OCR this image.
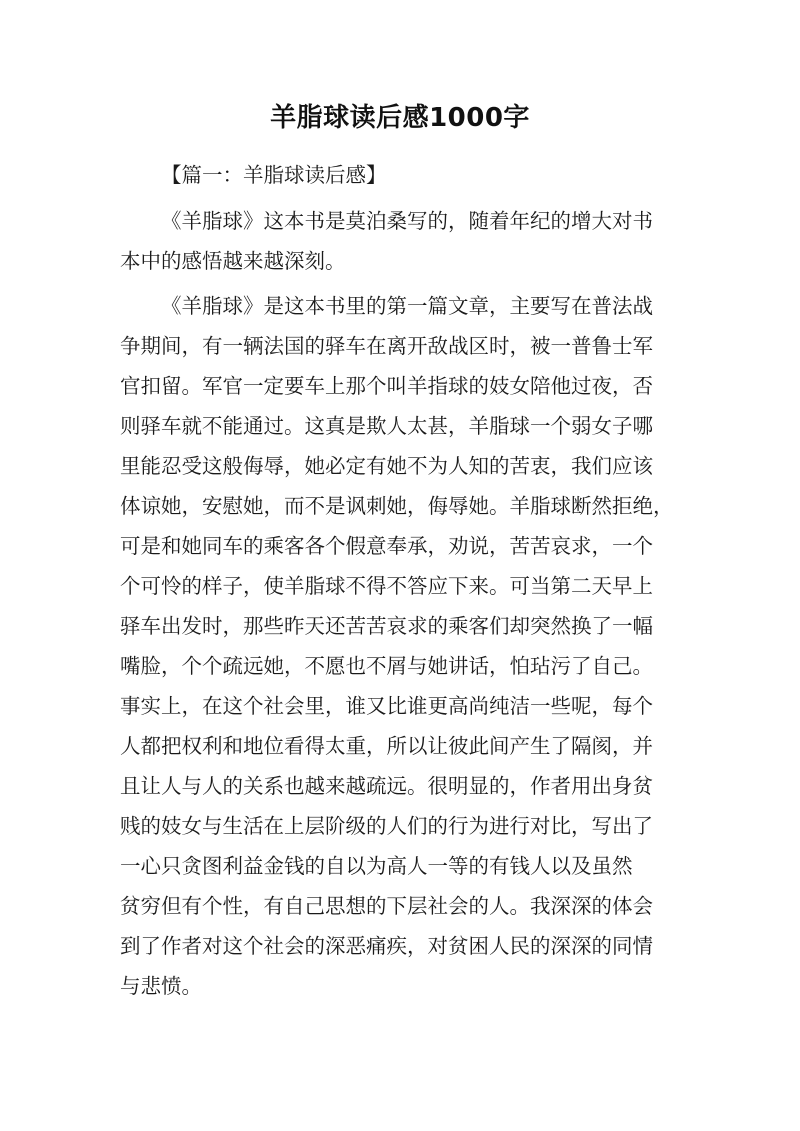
羊脂球读后感1000字

【篇一：羊脂球读后感】

《羊脂球》这本书是莫泊桑写的，随着年纪的增大对书

本中的感悟越来越深刻。

《羊脂球》是这本书里的第一篇文章，主要写在普法战

争期间，有一辆法国的驿车在离开敌战区时，被一普鲁士军

官扣留。军官一定要车上那个叫羊指球的妓女陪他过夜，否

则驿车就不能通过。这真是欺人太甚，羊脂球一个弱女子哪

里能忍受这般侮辱，她必定有她不为人知的苦衷，我们应该

体谅她，安慰她，而不是讽刺她，侮辱她。羊脂球断然拒绝，

可是和她同车的乘客各个假意奉承，劝说，苦苦哀求，一个

个可怜的样子，使羊脂球不得不答应下来。可当第二天早上

驿车出发时，那些昨天还苦苦哀求的乘客们却突然换了一幅

嘴脸，个个疏远她，不愿也不屑与她讲话，怕玷污了自己。

事实上，在这个社会里，谁又比谁更高尚纯洁一些呢，每个

人都把权利和地位看得太重，所以让彼此间产生了隔阂，并

且让人与人的关系也越来越疏远。很明显的，作者用出身贫

贱的妓女与生活在上层阶级的人们的行为进行对比，写出了

一心只贪图利益金钱的自以为高人一等的有钱人以及虽然

贫穷但有个性，有自己思想的下层社会的人。我深深的体会

到了作者对这个社会的深恶痛疾，对贫困人民的深深的同情

与悲愤。
